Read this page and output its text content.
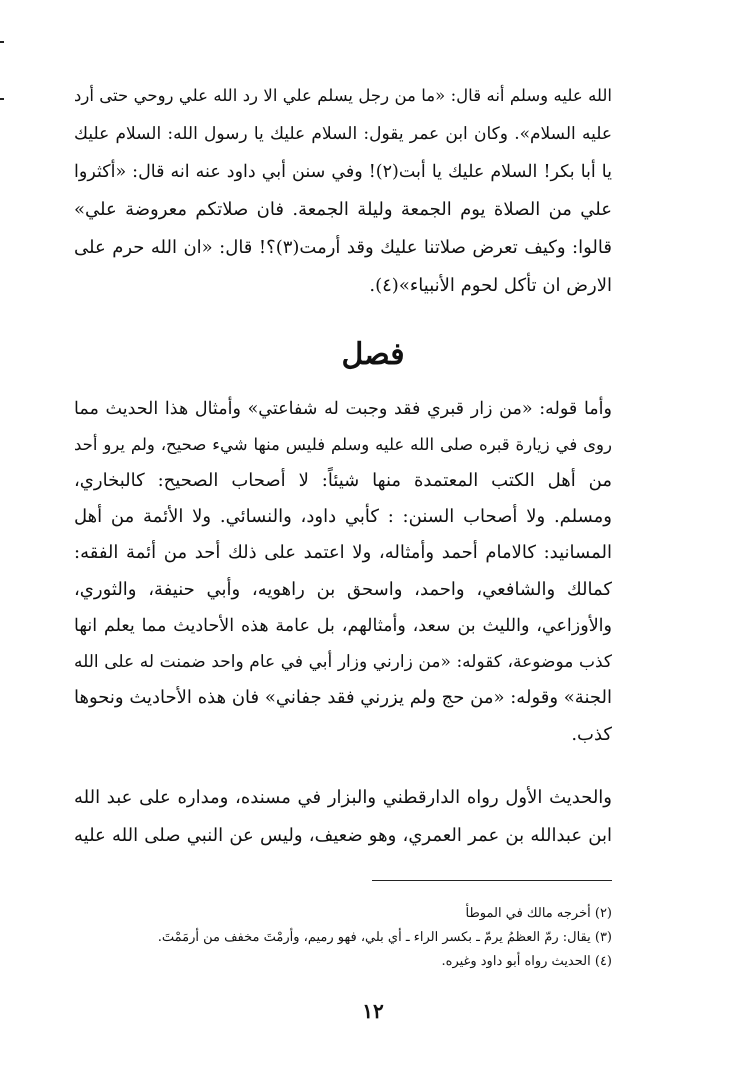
الله عليه وسلم أنه قال: «ما من رجل يسلم علي الا رد الله علي روحي حتى أرد
عليه السلام». وكان ابن عمر يقول: السلام عليك يا رسول الله: السلام عليك
يا أبا بكر! السلام عليك يا أبت(٢)! وفي سنن أبي داود عنه انه قال: «أكثروا
علي من الصلاة يوم الجمعة وليلة الجمعة. فان صلاتكم معروضة علي»
قالوا: وكيف تعرض صلاتنا عليك وقد أرمت(٣)؟! قال: «ان الله حرم على
الارض ان تأكل لحوم الأنبياء»(٤).
فصل
وأما قوله: «من زار قبري فقد وجبت له شفاعتي» وأمثال هذا الحديث مما
روى في زيارة قبره صلى الله عليه وسلم فليس منها شيء صحيح، ولم يرو أحد
من أهل الكتب المعتمدة منها شيئاً: لا أصحاب الصحيح: كالبخاري،
ومسلم. ولا أصحاب السنن: : كأبي داود، والنسائي. ولا الأئمة من أهل
المسانيد: كالامام أحمد وأمثاله، ولا اعتمد على ذلك أحد من أئمة الفقه:
كمالك والشافعي، واحمد، واسحق بن راهويه، وأبي حنيفة، والثوري،
والأوزاعي، والليث بن سعد، وأمثالهم، بل عامة هذه الأحاديث مما يعلم انها
كذب موضوعة، كقوله: «من زارني وزار أبي في عام واحد ضمنت له على الله
الجنة» وقوله: «من حج ولم يزرني فقد جفاني» فان هذه الأحاديث ونحوها
كذب.
والحديث الأول رواه الدارقطني والبزار في مسنده، ومداره على عبد الله
ابن عبدالله بن عمر العمري، وهو ضعيف، وليس عن النبي صلى الله عليه
(٢) أخرجه مالك في الموطأ
(٣) يقال: رمّ العظمُ يرمّ ـ بكسر الراء ـ أي بلي، فهو رميم، وأرمْتَ مخفف من أرمَمْتَ.
(٤) الحديث رواه أبو داود وغيره.
١٢
